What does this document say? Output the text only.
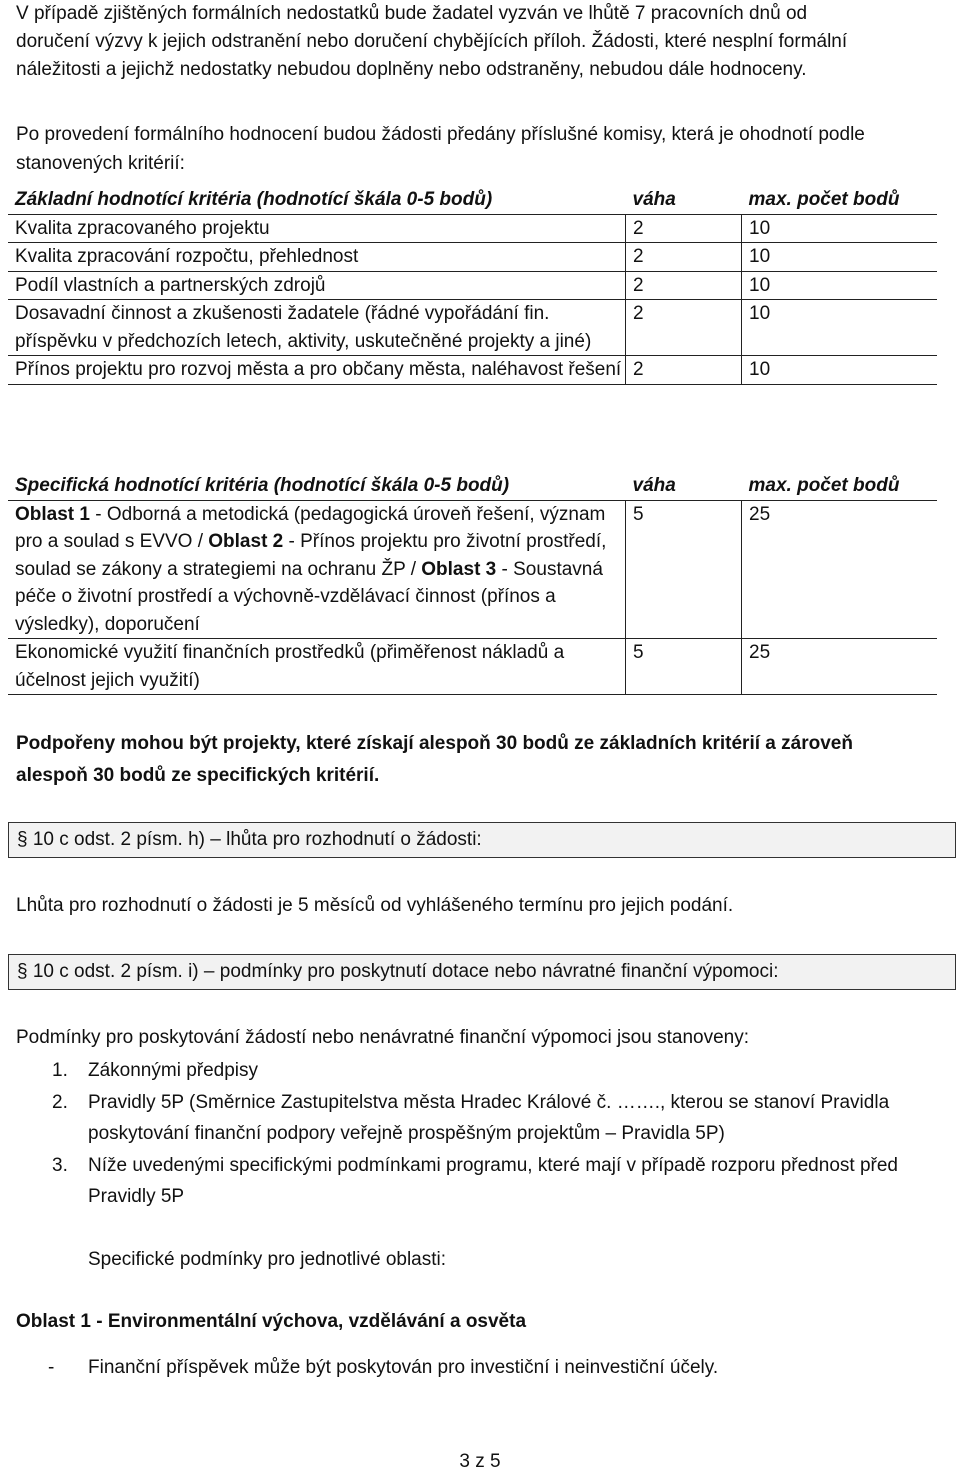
V případě zjištěných formálních nedostatků bude žadatel vyzván ve lhůtě 7 pracovních dnů od
doručení výzvy k jejich odstranění nebo doručení chybějících příloh. Žádosti, které nesplní formální
náležitosti a jejichž nedostatky nebudou doplněny nebo odstraněny, nebudou dále hodnoceny.

Po provedení formálního hodnocení budou žádosti předány příslušné komisy, která je ohodnotí podle stanovených kritérií:

Základní hodnotící kritéria (hodnotící škála 0-5 bodů)	váha	max. počet bodů
Kvalita zpracovaného projektu	2	10
Kvalita zpracování rozpočtu, přehlednost	2	10
Podíl vlastních a partnerských zdrojů	2	10
Dosavadní činnost a zkušenosti žadatele (řádné vypořádání fin. příspěvku v předchozích letech, aktivity, uskutečněné projekty a jiné)	2	10
Přínos projektu pro rozvoj města a pro občany města, naléhavost řešení	2	10
Specifická hodnotící kritéria (hodnotící škála 0-5 bodů)	váha	max. počet bodů
Oblast 1 - Odborná a metodická (pedagogická úroveň řešení, význam pro a soulad s EVVO / Oblast 2 - Přínos projektu pro životní prostředí, soulad se zákony a strategiemi na ochranu ŽP / Oblast 3 - Soustavná péče o životní prostředí a výchovně-vzdělávací činnost (přínos a výsledky), doporučení	5	25
Ekonomické využití finančních prostředků (přiměřenost nákladů a účelnost jejich využití)	5	25

Podpořeny mohou být projekty, které získají alespoň 30 bodů ze základních kritérií a zároveň alespoň 30 bodů ze specifických kritérií.

§ 10 c odst. 2 písm. h) – lhůta pro rozhodnutí o žádosti:

Lhůta pro rozhodnutí o žádosti je 5 měsíců od vyhlášeného termínu pro jejich podání.

§ 10 c odst. 2 písm. i) – podmínky pro poskytnutí dotace nebo návratné finanční výpomoci:

Podmínky pro poskytování žádostí nebo nenávratné finanční výpomoci jsou stanoveny:

1. Zákonnými předpisy
2. Pravidly 5P (Směrnice Zastupitelstva města Hradec Králové č. ……., kterou se stanoví Pravidla poskytování finanční podpory veřejně prospěšným projektům – Pravidla 5P)
3. Níže uvedenými specifickými podmínkami programu, které mají v případě rozporu přednost před Pravidly 5P

Specifické podmínky pro jednotlivé oblasti:

Oblast 1 - Environmentální výchova, vzdělávání a osvěta

- Finanční příspěvek může být poskytován pro investiční i neinvestiční účely.

3 z 5
